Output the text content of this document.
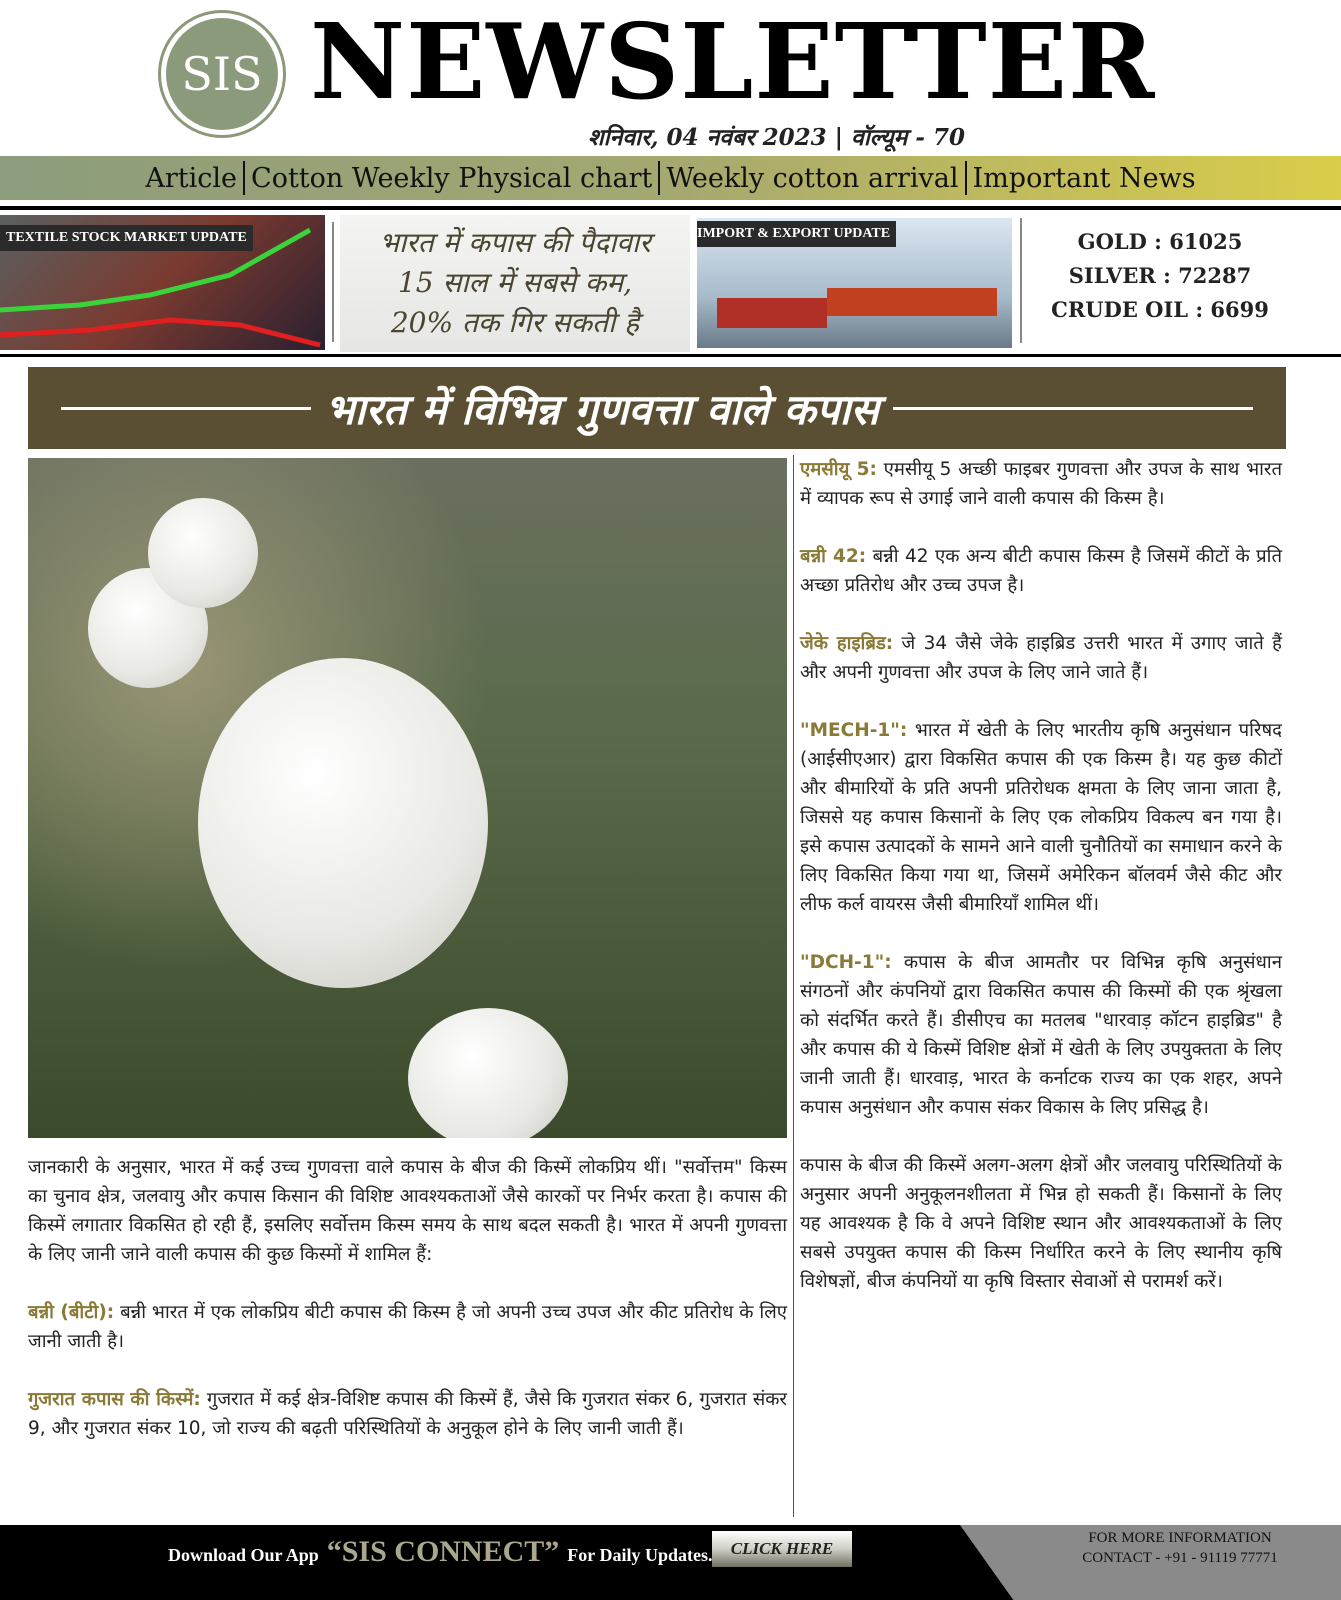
SIS NEWSLETTER
शनिवार, 04 नवंबर 2023 | वॉल्यूम - 70
Article Cotton Weekly Physical chart Weekly cotton arrival Important News
TEXTILE STOCK MARKET UPDATE	भारत में कपास की पैदावार
15 साल में सबसे कम,
20% तक गिर सकती है
IMPORT & EXPORT UPDATE	GOLD : 61025
SILVER : 72287
CRUDE OIL : 6699
भारत में विभिन्न गुणवत्ता वाले कपास

जानकारी के अनुसार, भारत में कई उच्च गुणवत्ता वाले कपास के बीज की किस्में लोकप्रिय थीं। "सर्वोत्तम" किस्म का चुनाव क्षेत्र, जलवायु और कपास किसान की विशिष्ट आवश्यकताओं जैसे कारकों पर निर्भर करता है। कपास की किस्में लगातार विकसित हो रही हैं, इसलिए सर्वोत्तम किस्म समय के साथ बदल सकती है। भारत में अपनी गुणवत्ता के लिए जानी जाने वाली कपास की कुछ किस्मों में शामिल हैं:

बन्नी (बीटी): बन्नी भारत में एक लोकप्रिय बीटी कपास की किस्म है जो अपनी उच्च उपज और कीट प्रतिरोध के लिए जानी जाती है।

गुजरात कपास की किस्में: गुजरात में कई क्षेत्र-विशिष्ट कपास की किस्में हैं, जैसे कि गुजरात संकर 6, गुजरात संकर 9, और गुजरात संकर 10, जो राज्य की बढ़ती परिस्थितियों के अनुकूल होने के लिए जानी जाती हैं।

एमसीयू 5: एमसीयू 5 अच्छी फाइबर गुणवत्ता और उपज के साथ भारत में व्यापक रूप से उगाई जाने वाली कपास की किस्म है।

बन्नी 42: बन्नी 42 एक अन्य बीटी कपास किस्म है जिसमें कीटों के प्रति अच्छा प्रतिरोध और उच्च उपज है।

जेके हाइब्रिड: जे 34 जैसे जेके हाइब्रिड उत्तरी भारत में उगाए जाते हैं और अपनी गुणवत्ता और उपज के लिए जाने जाते हैं।

"MECH-1": भारत में खेती के लिए भारतीय कृषि अनुसंधान परिषद (आईसीएआर) द्वारा विकसित कपास की एक किस्म है। यह कुछ कीटों और बीमारियों के प्रति अपनी प्रतिरोधक क्षमता के लिए जाना जाता है, जिससे यह कपास किसानों के लिए एक लोकप्रिय विकल्प बन गया है। इसे कपास उत्पादकों के सामने आने वाली चुनौतियों का समाधान करने के लिए विकसित किया गया था, जिसमें अमेरिकन बॉलवर्म जैसे कीट और लीफ कर्ल वायरस जैसी बीमारियाँ शामिल थीं।

"DCH-1": कपास के बीज आमतौर पर विभिन्न कृषि अनुसंधान संगठनों और कंपनियों द्वारा विकसित कपास की किस्मों की एक श्रृंखला को संदर्भित करते हैं। डीसीएच का मतलब "धारवाड़ कॉटन हाइब्रिड" है और कपास की ये किस्में विशिष्ट क्षेत्रों में खेती के लिए उपयुक्तता के लिए जानी जाती हैं। धारवाड़, भारत के कर्नाटक राज्य का एक शहर, अपने कपास अनुसंधान और कपास संकर विकास के लिए प्रसिद्ध है।

कपास के बीज की किस्में अलग-अलग क्षेत्रों और जलवायु परिस्थितियों के अनुसार अपनी अनुकूलनशीलता में भिन्न हो सकती हैं। किसानों के लिए यह आवश्यक है कि वे अपने विशिष्ट स्थान और आवश्यकताओं के लिए सबसे उपयुक्त कपास की किस्म निर्धारित करने के लिए स्थानीय कृषि विशेषज्ञों, बीज कंपनियों या कृषि विस्तार सेवाओं से परामर्श करें।

Download Our App “SIS CONNECT” For Daily Updates.	CLICK HERE
FOR MORE INFORMATION
CONTACT - +91 - 91119 77771
